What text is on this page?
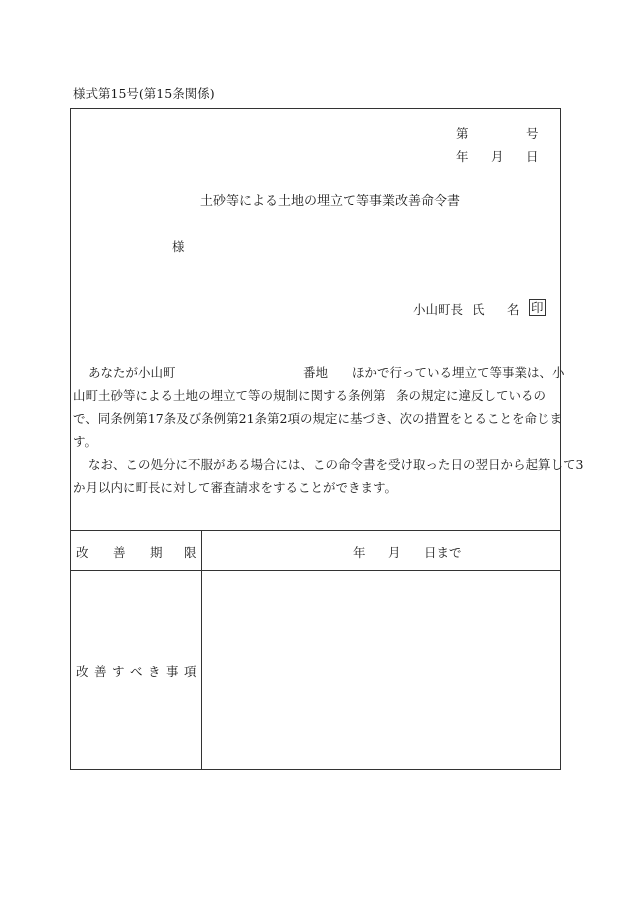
様式第15号(第15条関係)
第	号
年 月 日
土砂等による土地の埋立て等事業改善命令書
様
小山町長 氏 名 印
あなたが小山町	番地 ほかで行っている埋立て等事業は、小
山町土砂等による土地の埋立て等の規制に関する条例第 条の規定に違反しているの
で、同条例第17条及び条例第21条第2項の規定に基づき、次の措置をとることを命じま
す。
なお、この処分に不服がある場合には、この命令書を受け取った日の翌日から起算して3
か月以内に町長に対して審査請求をすることができます。
改 善 期 限	年 月 日まで
改 善 す べ き 事 項
